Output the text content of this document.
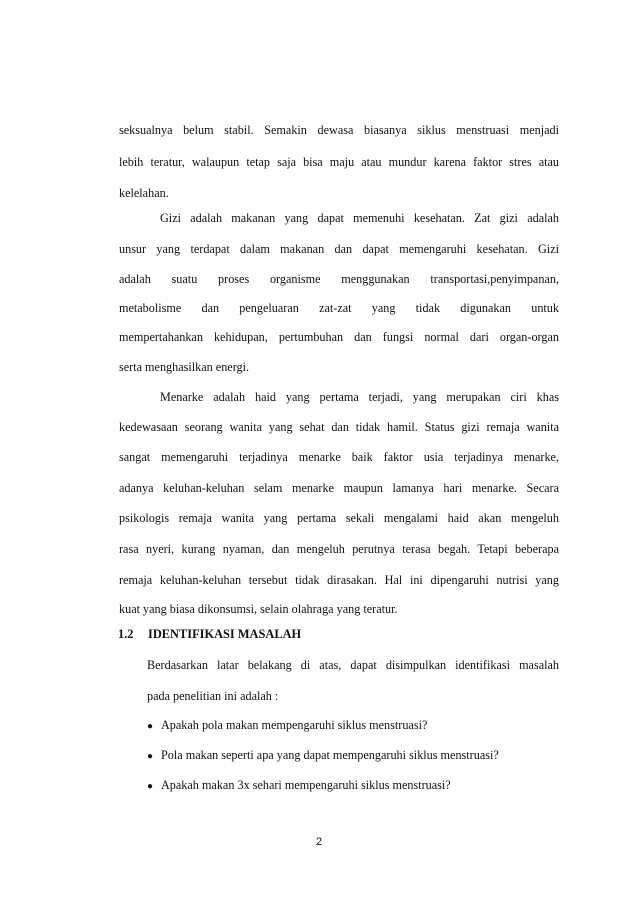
seksualnya belum stabil. Semakin dewasa biasanya siklus menstruasi menjadi
lebih teratur, walaupun tetap saja bisa maju atau mundur karena faktor stres atau
kelelahan.
Gizi adalah makanan yang dapat memenuhi kesehatan. Zat gizi adalah
unsur yang terdapat dalam makanan dan dapat memengaruhi kesehatan. Gizi
adalah suatu proses organisme menggunakan transportasi,penyimpanan,
metabolisme dan pengeluaran zat-zat yang tidak digunakan untuk
mempertahankan kehidupan, pertumbuhan dan fungsi normal dari organ-organ
serta menghasilkan energi.
Menarke adalah haid yang pertama terjadi, yang merupakan ciri khas
kedewasaan seorang wanita yang sehat dan tidak hamil. Status gizi remaja wanita
sangat memengaruhi terjadinya menarke baik faktor usia terjadinya menarke,
adanya keluhan-keluhan selam menarke maupun lamanya hari menarke. Secara
psikologis remaja wanita yang pertama sekali mengalami haid akan mengeluh
rasa nyeri, kurang nyaman, dan mengeluh perutnya terasa begah. Tetapi beberapa
remaja keluhan-keluhan tersebut tidak dirasakan. Hal ini dipengaruhi nutrisi yang
kuat yang biasa dikonsumsi, selain olahraga yang teratur.
1.2 IDENTIFIKASI MASALAH
Berdasarkan latar belakang di atas, dapat disimpulkan identifikasi masalah
pada penelitian ini adalah :
● Apakah pola makan mempengaruhi siklus menstruasi?
● Pola makan seperti apa yang dapat mempengaruhi siklus menstruasi?
● Apakah makan 3x sehari mempengaruhi siklus menstruasi?
2
